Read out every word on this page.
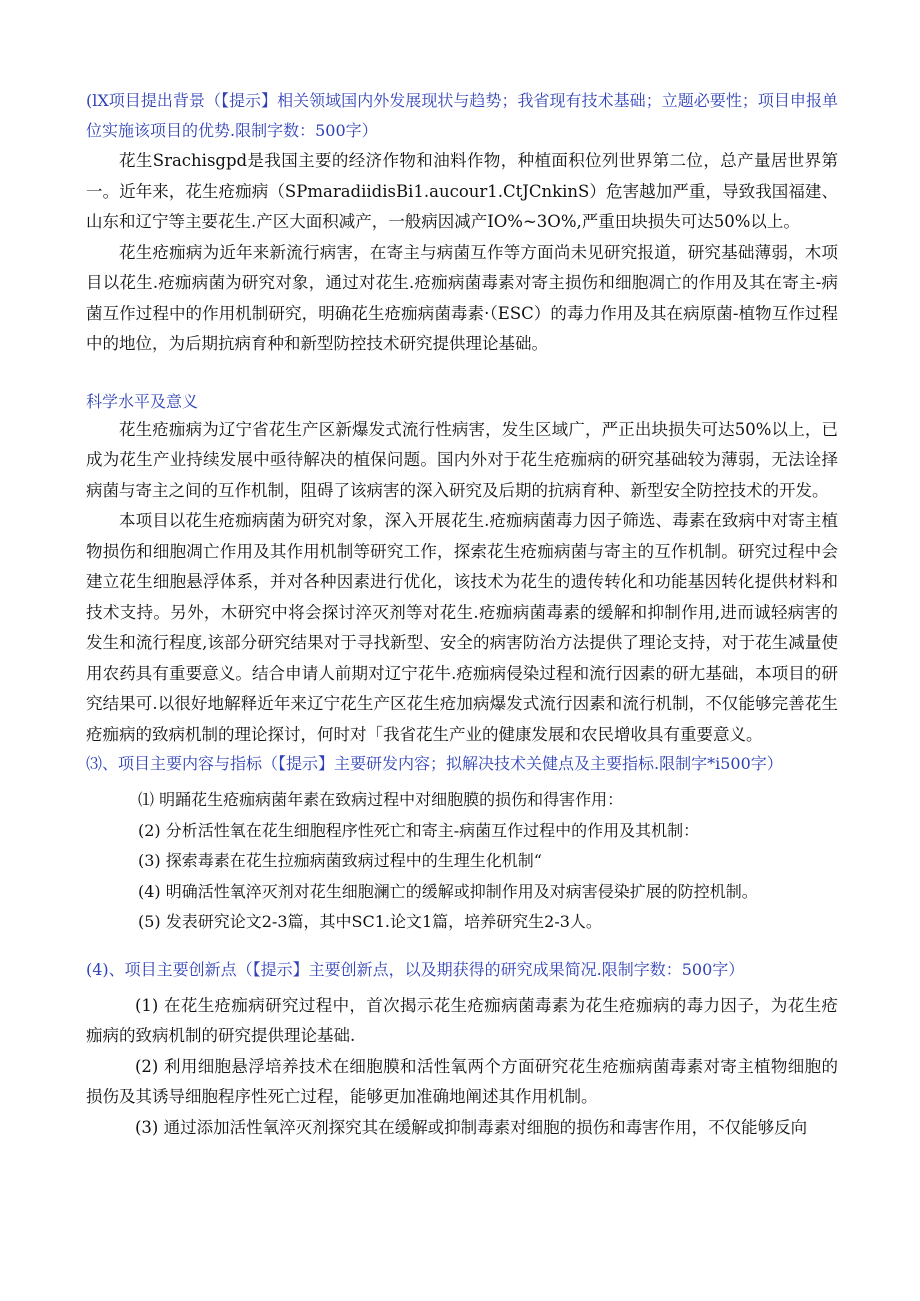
(lX项目提出背景（【提示】相关领域国内外发展现状与趋势；我省现有技术基础；立题必要性；项目申报单位实施该项目的优势.限制字数：500字）

花生Srachisgpd是我国主要的经济作物和油料作物，种植面积位列世界第二位，总产量居世界第一。近年来，花生疮痂病（SPmaradiidisBi1.aucour1.CtJCnkinS）危害越加严重，导致我国福建、山东和辽宁等主要花生.产区大面积减产，一般病因减产IO%~3O%,严重田块损失可达50%以上。

花生疮痂病为近年来新流行病害，在寄主与病菌互作等方面尚未见研究报道，研究基础薄弱，木项目以花生.疮痂病菌为研究对象，通过对花生.疮痂病菌毒素对寄主损伤和细胞凋亡的作用及其在寄主-病菌互作过程中的作用机制研究，明确花生疮痂病菌毒素·（ESC）的毒力作用及其在病原菌-植物互作过程中的地位，为后期抗病育种和新型防控技术研究提供理论基础。

科学水平及意义

花生疮痂病为辽宁省花生产区新爆发式流行性病害，发生区域广，严正出块损失可达50%以上，已成为花生产业持续发展中亟待解决的植保问题。国内外对于花生疮痂病的研究基础较为薄弱，无法诠择病菌与寄主之间的互作机制，阻碍了该病害的深入研究及后期的抗病育种、新型安全防控技术的开发。

本项目以花生疮痂病菌为研究对象，深入开展花生.疮痂病菌毒力因子筛选、毒素在致病中对寄主植物损伤和细胞凋亡作用及其作用机制等研究工作，探索花生疮痂病菌与寄主的互作机制。研究过程中会建立花生细胞悬浮体系，并对各种因素进行优化，该技术为花生的遗传转化和功能基因转化提供材料和技术支持。另外，木研究中将会探讨淬灭剂等对花生.疮痂病菌毒素的缓解和抑制作用,进而诚轻病害的发生和流行程度,该部分研究结果对于寻找新型、安全的病害防治方法提供了理论支持，对于花生减量使用农药具有重要意义。结合申请人前期对辽宁花牛.疮痂病侵染过程和流行因素的研尢基础，本项目的研究结果可.以很好地解释近年来辽宁花生产区花生疮加病爆发式流行因素和流行机制，不仅能够完善花生疮痂病的致病机制的理论探讨，何时对「我省花生产业的健康发展和农民增收具有重要意义。

⑶、项目主要内容与指标（【提示】主要研发内容；拟解决技术关健点及主要指标.限制字*i500字）

⑴ 明踊花生疮痂病菌年素在致病过程中对细胞膜的损伤和得害作用：

(2) 分析活性氧在花生细胞程序性死亡和寄主-病菌互作过程中的作用及其机制：

(3) 探索毒素在花生拉痂病菌致病过程中的生理生化机制“

(4) 明确活性氧淬灭剂对花生细胞澜亡的缓解或抑制作用及对病害侵染扩展的防控机制。

(5) 发表研究论文2-3篇，其中SC1.论文1篇，培养研究生2-3人。

(4)、项目主要创新点（【提示】主要创新点，以及期获得的研究成果简况.限制字数：500字）

(1) 在花生疮痂病研究过程中，首次揭示花生疮痂病菌毒素为花生疮痂病的毒力因子，为花生疮痂病的致病机制的研究提供理论基础.

(2) 利用细胞悬浮培养技术在细胞膜和活性氧两个方面研究花生疮痂病菌毒素对寄主植物细胞的损伤及其诱导细胞程序性死亡过程，能够更加准确地阐述其作用机制。

(3) 通过添加活性氧淬灭剂探究其在缓解或抑制毒素对细胞的损伤和毒害作用，不仅能够反向
